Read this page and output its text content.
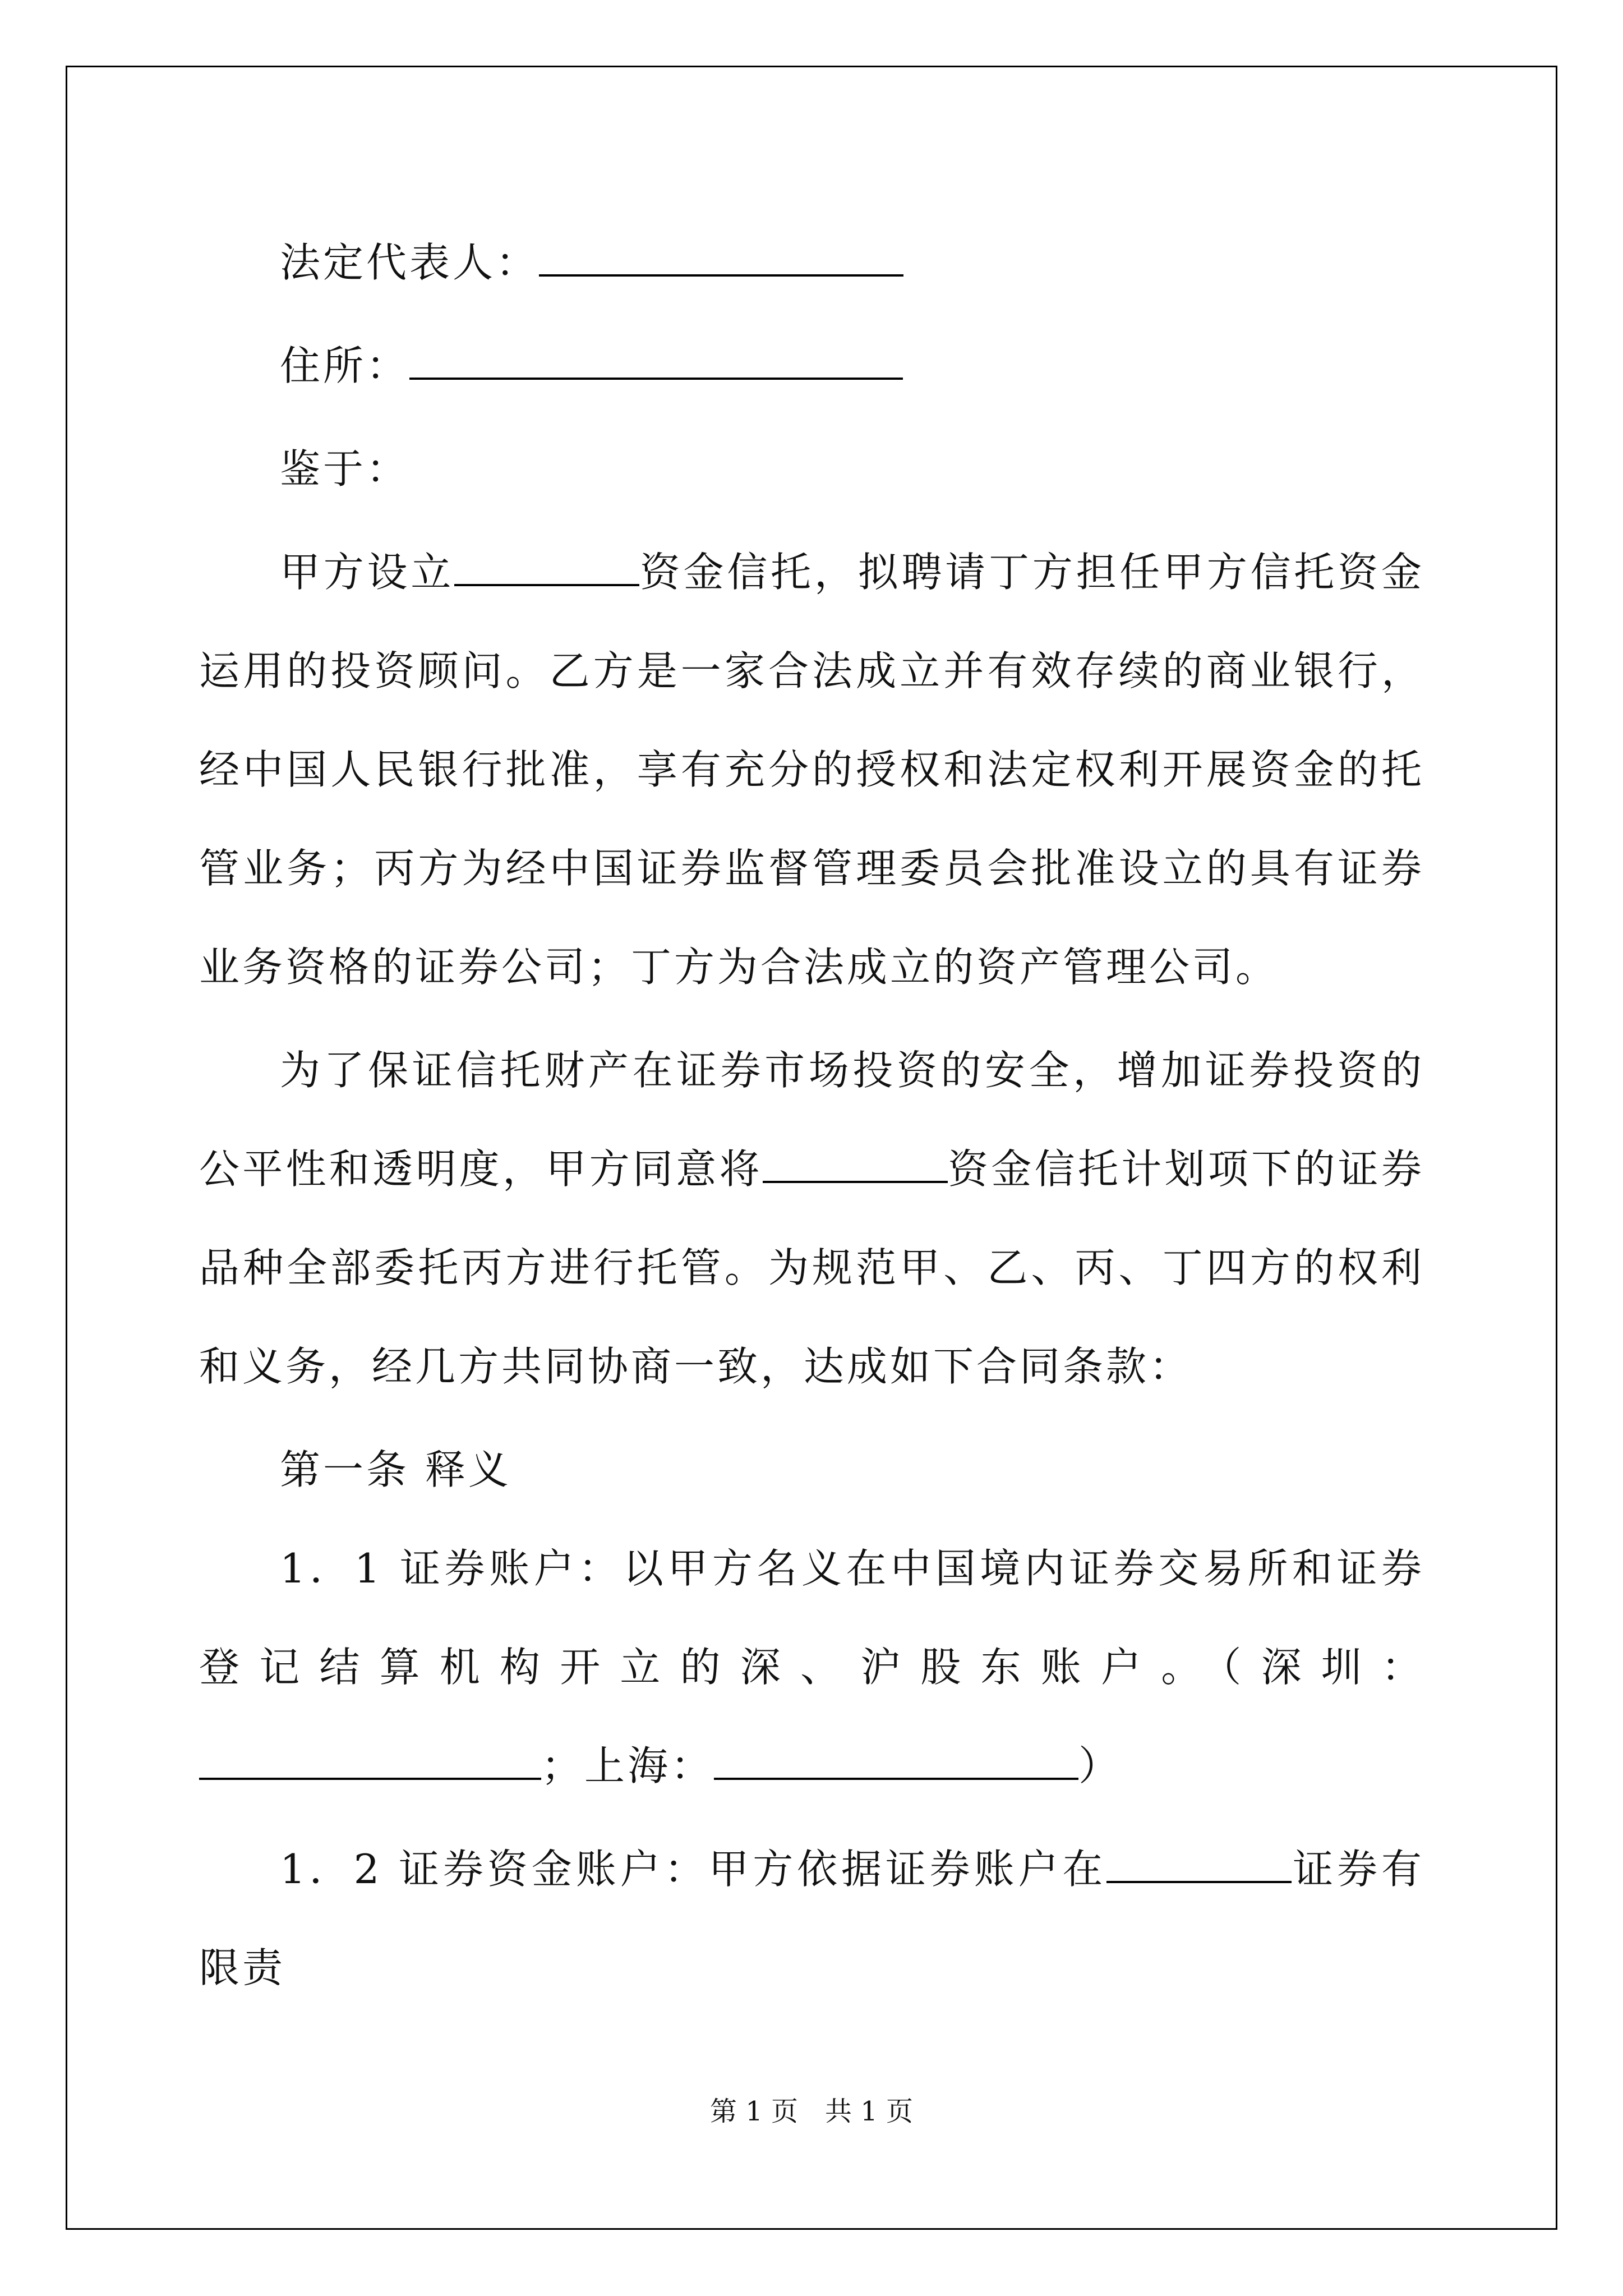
法定代表人：
住所：
鉴于：
甲方设立	资金信托，拟聘请丁方担任甲方信托资金运用的投资顾问。乙方是一家合法成立并有效存续的商业银行，经中国人民银行批准，享有充分的授权和法定权利开展资金的托管业务；丙方为经中国证券监督管理委员会批准设立的具有证券业务资格的证券公司；丁方为合法成立的资产管理公司。
为了保证信托财产在证券市场投资的安全，增加证券投资的公平性和透明度，甲方同意将	资金信托计划项下的证券品种全部委托丙方进行托管。为规范甲、乙、丙、丁四方的权利和义务，经几方共同协商一致，达成如下合同条款：
第一条 释义
1．1 证券账户：以甲方名义在中国境内证券交易所和证券登记结算机构开立的深、沪股东账户。（深圳：；上海：	）
1．2 证券资金账户：甲方依据证券账户在	证券有限责
第 1 页　共 1 页
